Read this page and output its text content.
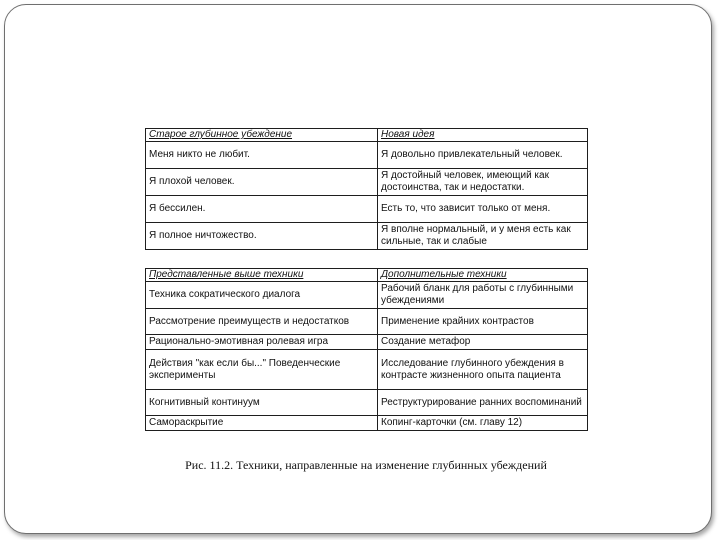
Старое глубинное убеждение	Новая идея
Меня никто не любит.	Я довольно привлекательный человек.
Я плохой человек.	Я достойный человек, имеющий как достоинства, так и недостатки.
Я бессилен.	Есть то, что зависит только от меня.
Я полное ничтожество.	Я вполне нормальный, и у меня есть как сильные, так и слабые
Представленные выше техники	Дополнительные техники
Техника сократического диалога	Рабочий бланк для работы с глубинными убеждениями
Рассмотрение преимуществ и недостатков	Применение крайних контрастов
Рационально-эмотивная ролевая игра	Создание метафор
Действия "как если бы..." Поведенческие эксперименты	Исследование глубинного убеждения в контрасте жизненного опыта пациента
Когнитивный континуум	Реструктурирование ранних воспоминаний
Самораскрытие	Копинг-карточки (см. главу 12)
Рис. 11.2. Техники, направленные на изменение глубинных убеждений
